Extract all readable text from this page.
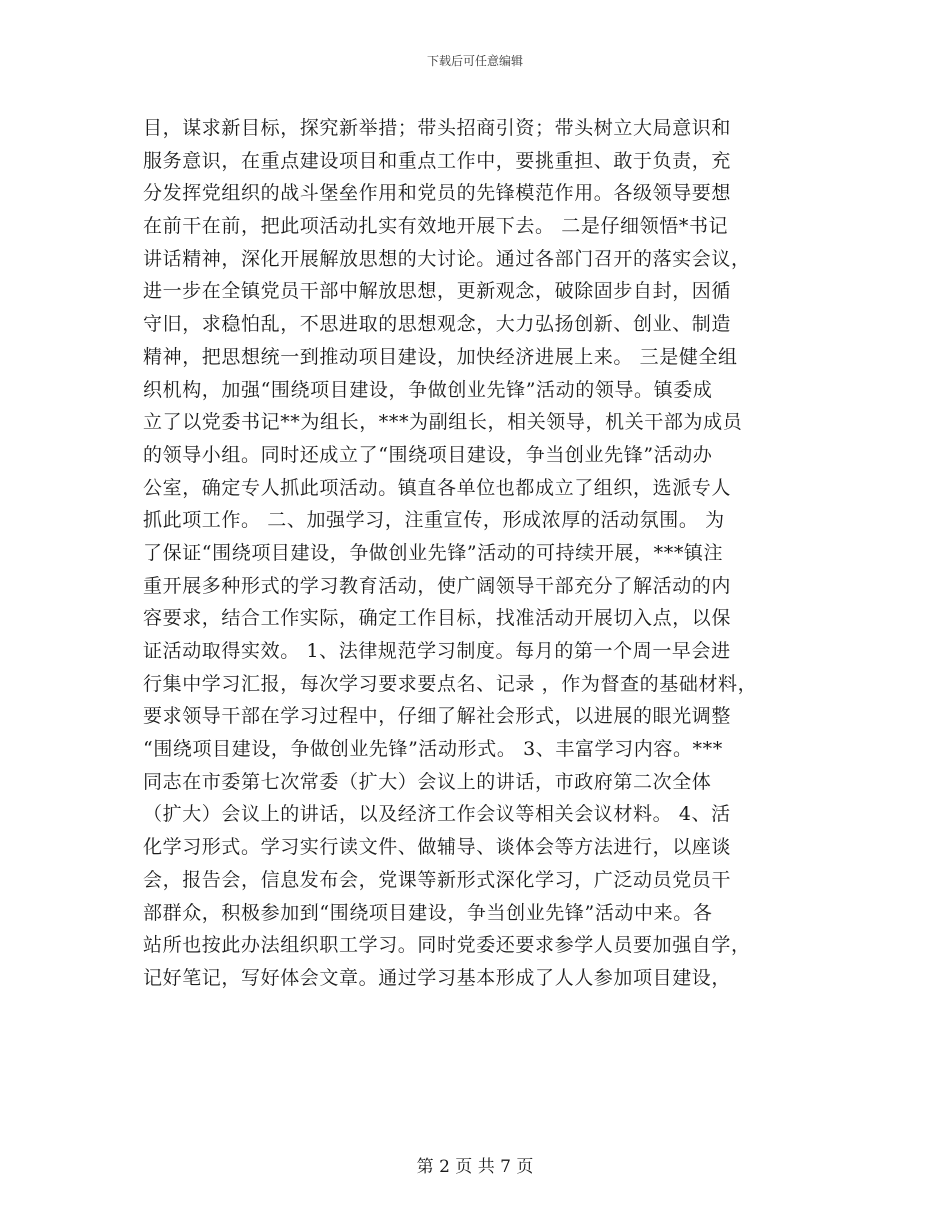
下载后可任意编辑
目，谋求新目标，探究新举措；带头招商引资；带头树立大局意识和
服务意识，在重点建设项目和重点工作中，要挑重担、敢于负责，充
分发挥党组织的战斗堡垒作用和党员的先锋模范作用。各级领导要想
在前干在前，把此项活动扎实有效地开展下去。 二是仔细领悟*书记
讲话精神，深化开展解放思想的大讨论。通过各部门召开的落实会议，
进一步在全镇党员干部中解放思想，更新观念，破除固步自封，因循
守旧，求稳怕乱，不思进取的思想观念，大力弘扬创新、创业、制造
精神，把思想统一到推动项目建设，加快经济进展上来。 三是健全组
织机构，加强“围绕项目建设，争做创业先锋”活动的领导。镇委成
立了以党委书记**为组长，***为副组长，相关领导，机关干部为成员
的领导小组。同时还成立了“围绕项目建设，争当创业先锋”活动办
公室，确定专人抓此项活动。镇直各单位也都成立了组织，选派专人
抓此项工作。 二、加强学习，注重宣传，形成浓厚的活动氛围。 为
了保证“围绕项目建设，争做创业先锋”活动的可持续开展，***镇注
重开展多种形式的学习教育活动，使广阔领导干部充分了解活动的内
容要求，结合工作实际，确定工作目标，找准活动开展切入点，以保
证活动取得实效。 1、法律规范学习制度。每月的第一个周一早会进
行集中学习汇报，每次学习要求要点名、记录 ，作为督查的基础材料，
要求领导干部在学习过程中，仔细了解社会形式，以进展的眼光调整
“围绕项目建设，争做创业先锋”活动形式。 3、丰富学习内容。***
同志在市委第七次常委（扩大）会议上的讲话，市政府第二次全体
（扩大）会议上的讲话，以及经济工作会议等相关会议材料。 4、活
化学习形式。学习实行读文件、做辅导、谈体会等方法进行，以座谈
会，报告会，信息发布会，党课等新形式深化学习，广泛动员党员干
部群众，积极参加到“围绕项目建设，争当创业先锋”活动中来。各
站所也按此办法组织职工学习。同时党委还要求参学人员要加强自学，
记好笔记，写好体会文章。通过学习基本形成了人人参加项目建设，
第 2 页 共 7 页
